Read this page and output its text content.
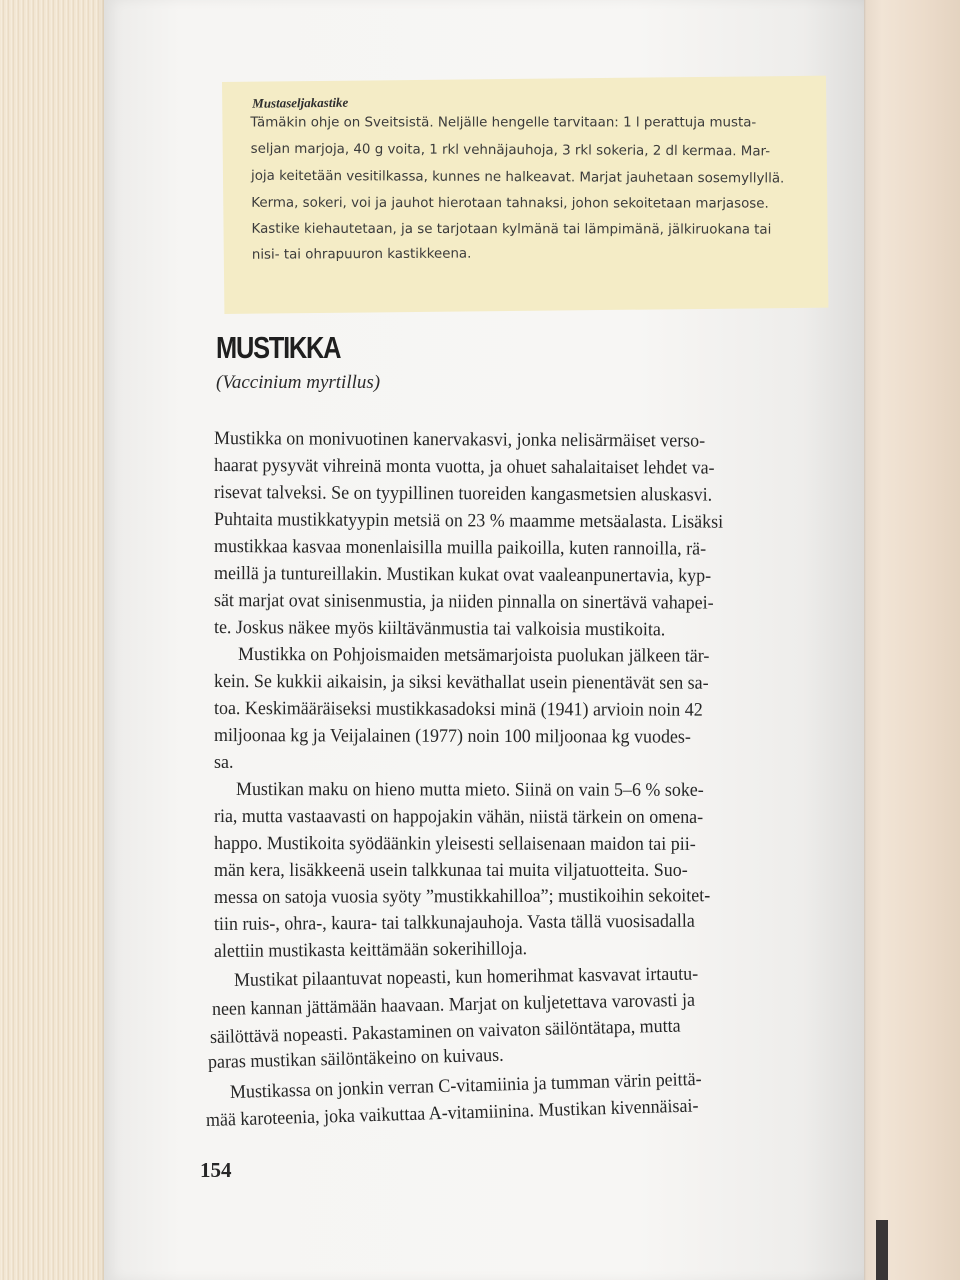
Mustaseljakastike

Tämäkin ohje on Sveitsistä. Neljälle hengelle tarvitaan: 1 l perattuja musta-

seljan marjoja, 40 g voita, 1 rkl vehnäjauhoja, 3 rkl sokeria, 2 dl kermaa. Mar-

joja keitetään vesitilkassa, kunnes ne halkeavat. Marjat jauhetaan sosemyllyllä.

Kerma, sokeri, voi ja jauhot hierotaan tahnaksi, johon sekoitetaan marjasose.

Kastike kiehautetaan, ja se tarjotaan kylmänä tai lämpimänä, jälkiruokana tai

nisi- tai ohrapuuron kastikkeena.

MUSTIKKA

(Vaccinium myrtillus)

Mustikka on monivuotinen kanervakasvi, jonka nelisärmäiset verso-

haarat pysyvät vihreinä monta vuotta, ja ohuet sahalaitaiset lehdet va-

risevat talveksi. Se on tyypillinen tuoreiden kangasmetsien aluskasvi.

Puhtaita mustikkatyypin metsiä on 23 % maamme metsäalasta. Lisäksi

mustikkaa kasvaa monenlaisilla muilla paikoilla, kuten rannoilla, rä-

meillä ja tuntureillakin. Mustikan kukat ovat vaaleanpunertavia, kyp-

sät marjat ovat sinisenmustia, ja niiden pinnalla on sinertävä vahapei-

te. Joskus näkee myös kiiltävänmustia tai valkoisia mustikoita.

Mustikka on Pohjoismaiden metsämarjoista puolukan jälkeen tär-

kein. Se kukkii aikaisin, ja siksi keväthallat usein pienentävät sen sa-

toa. Keskimääräiseksi mustikkasadoksi minä (1941) arvioin noin 42

miljoonaa kg ja Veijalainen (1977) noin 100 miljoonaa kg vuodes-

sa.

Mustikan maku on hieno mutta mieto. Siinä on vain 5–6 % soke-

ria, mutta vastaavasti on happojakin vähän, niistä tärkein on omena-

happo. Mustikoita syödäänkin yleisesti sellaisenaan maidon tai pii-

män kera, lisäkkeenä usein talkkunaa tai muita viljatuotteita. Suo-

messa on satoja vuosia syöty ”mustikkahilloa”; mustikoihin sekoitet-

tiin ruis-, ohra-, kaura- tai talkkunajauhoja. Vasta tällä vuosisadalla

alettiin mustikasta keittämään sokerihilloja.

Mustikat pilaantuvat nopeasti, kun homerihmat kasvavat irtautu-

neen kannan jättämään haavaan. Marjat on kuljetettava varovasti ja

säilöttävä nopeasti. Pakastaminen on vaivaton säilöntätapa, mutta

paras mustikan säilöntäkeino on kuivaus.

Mustikassa on jonkin verran C-vitamiinia ja tumman värin peittä-

mää karoteenia, joka vaikuttaa A-vitamiinina. Mustikan kivennäisai-

154
